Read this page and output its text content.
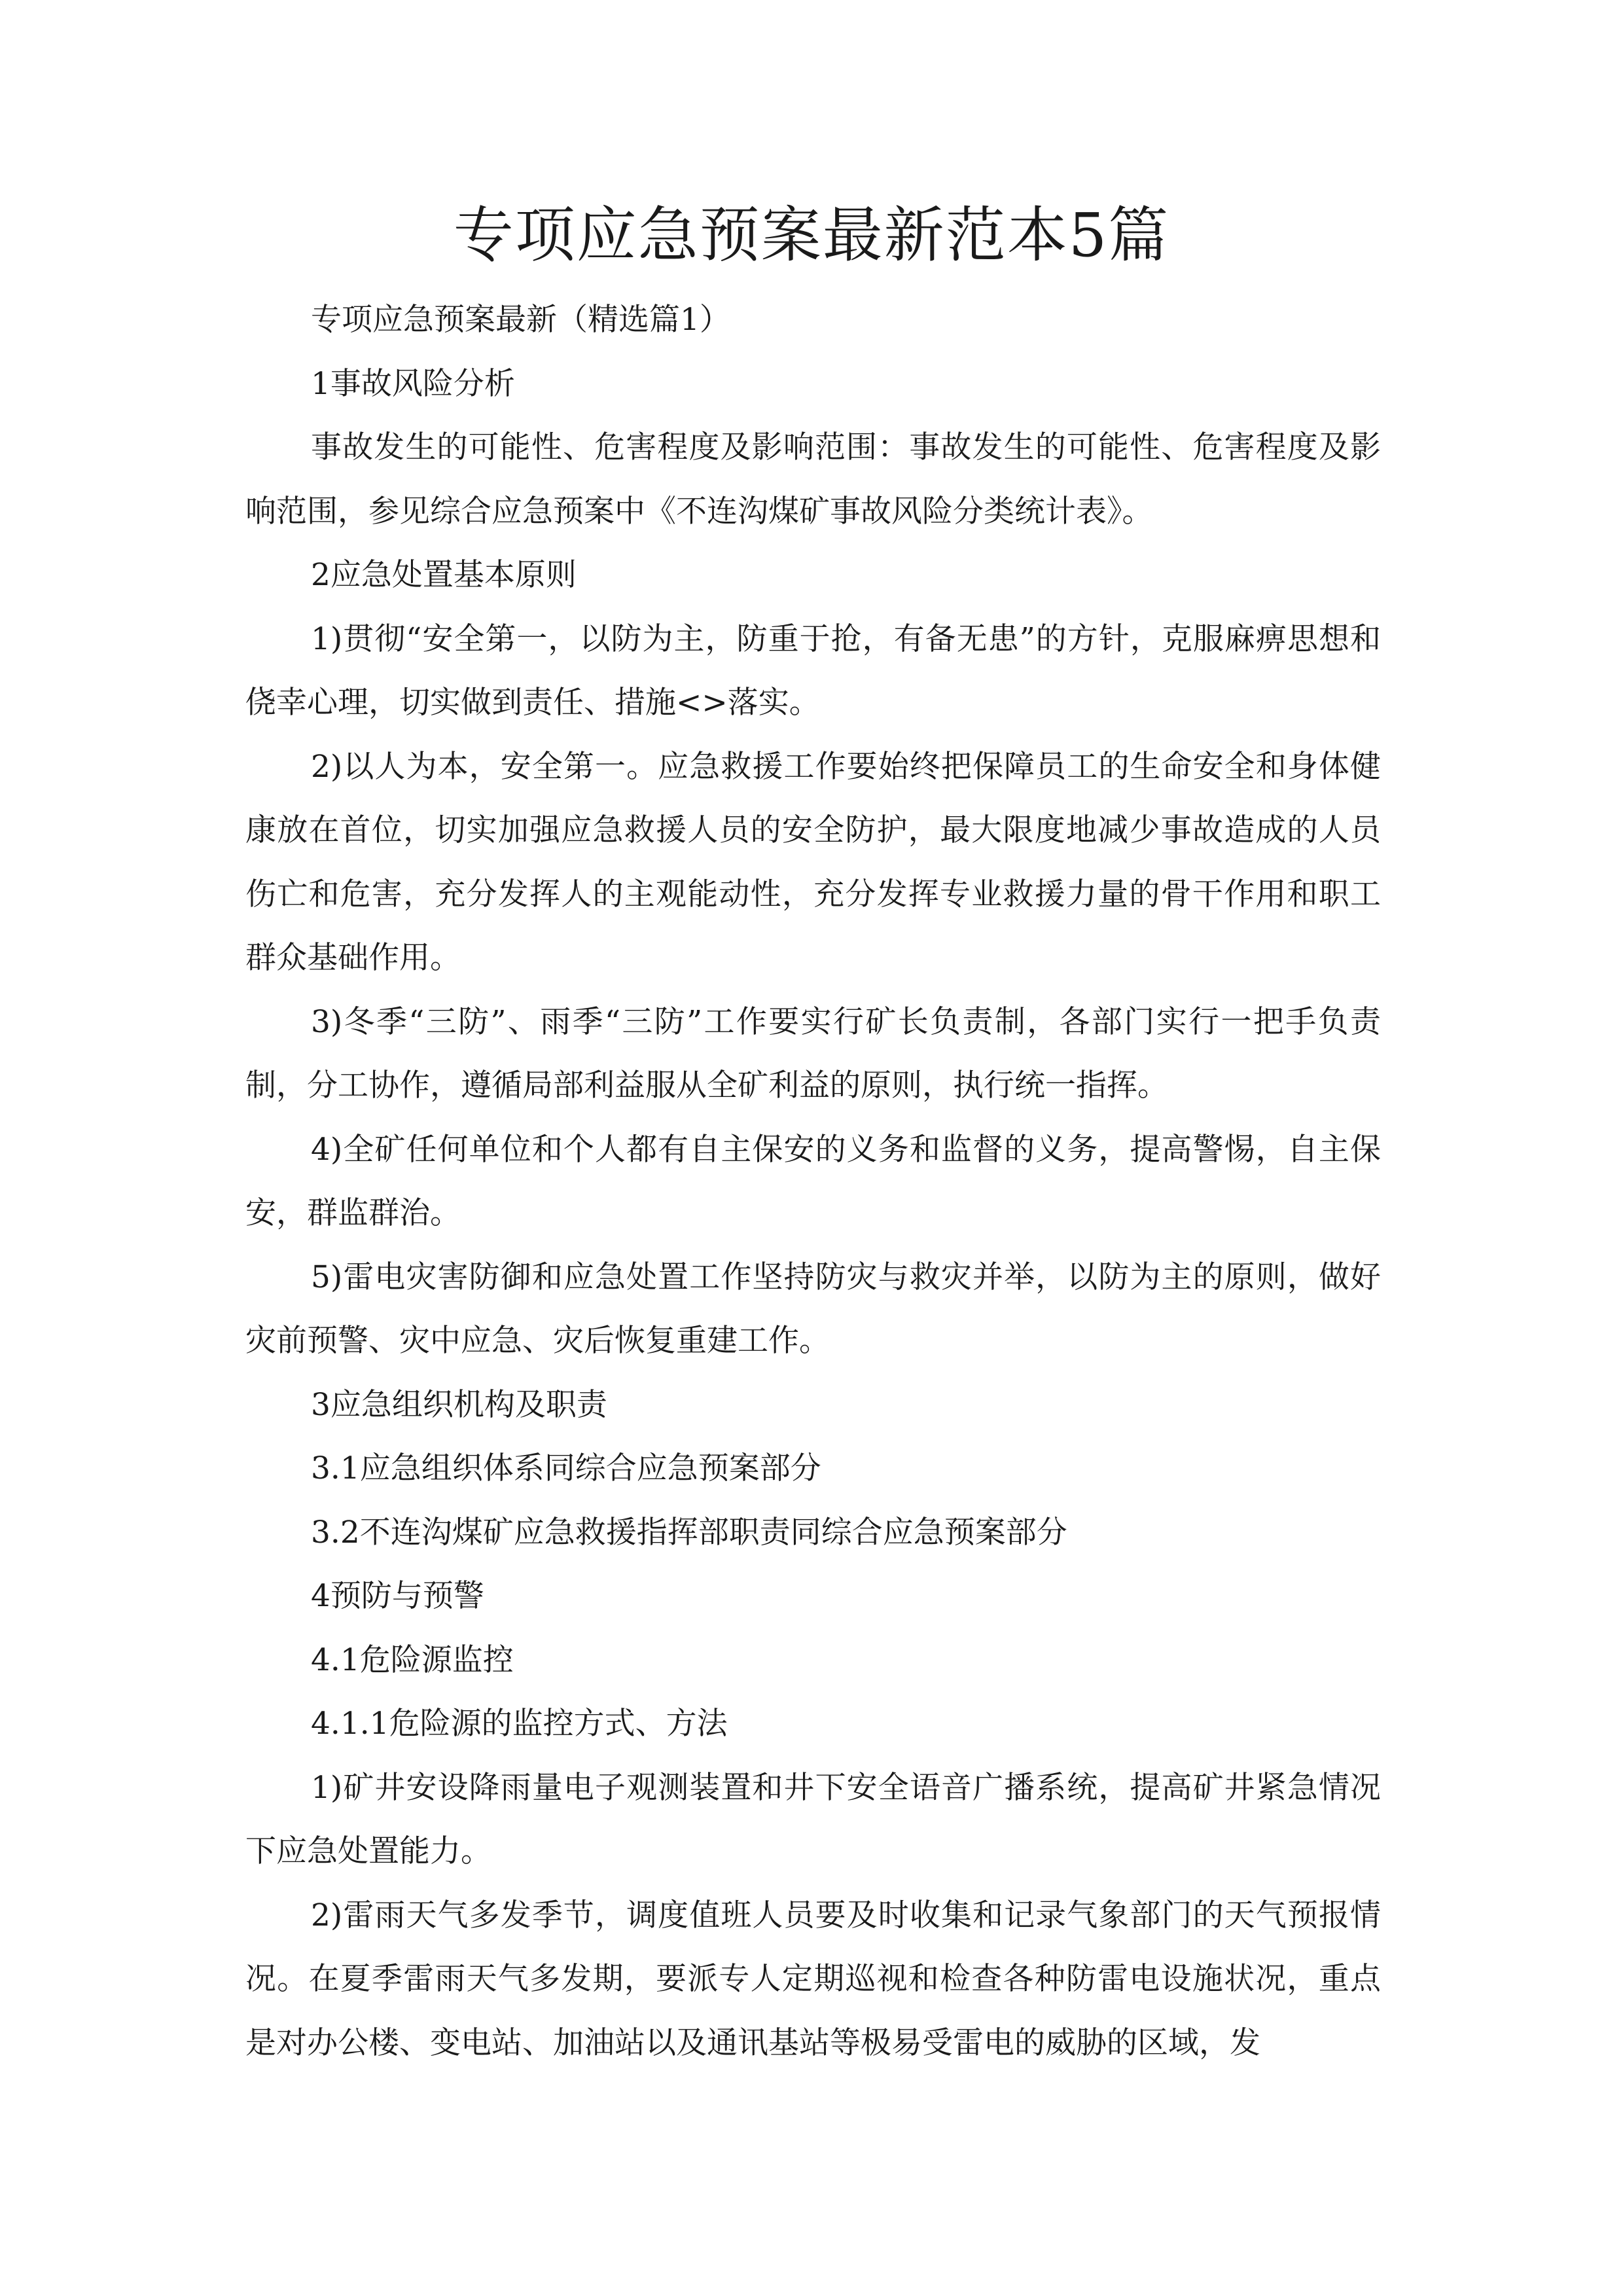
专项应急预案最新范本5篇

专项应急预案最新（精选篇1）

1事故风险分析

事故发生的可能性、危害程度及影响范围：事故发生的可能性、危害程度及影响范围，参见综合应急预案中《不连沟煤矿事故风险分类统计表》。

2应急处置基本原则

1)贯彻“安全第一，以防为主，防重于抢，有备无患”的方针，克服麻痹思想和侥幸心理，切实做到责任、措施<>落实。

2)以人为本，安全第一。应急救援工作要始终把保障员工的生命安全和身体健康放在首位，切实加强应急救援人员的安全防护，最大限度地减少事故造成的人员伤亡和危害，充分发挥人的主观能动性，充分发挥专业救援力量的骨干作用和职工群众基础作用。

3)冬季“三防”、雨季“三防”工作要实行矿长负责制，各部门实行一把手负责制，分工协作，遵循局部利益服从全矿利益的原则，执行统一指挥。

4)全矿任何单位和个人都有自主保安的义务和监督的义务，提高警惕，自主保安，群监群治。

5)雷电灾害防御和应急处置工作坚持防灾与救灾并举，以防为主的原则，做好灾前预警、灾中应急、灾后恢复重建工作。

3应急组织机构及职责

3.1应急组织体系同综合应急预案部分

3.2不连沟煤矿应急救援指挥部职责同综合应急预案部分

4预防与预警

4.1危险源监控

4.1.1危险源的监控方式、方法

1)矿井安设降雨量电子观测装置和井下安全语音广播系统，提高矿井紧急情况下应急处置能力。

2)雷雨天气多发季节，调度值班人员要及时收集和记录气象部门的天气预报情况。在夏季雷雨天气多发期，要派专人定期巡视和检查各种防雷电设施状况，重点是对办公楼、变电站、加油站以及通讯基站等极易受雷电的威胁的区域，发
